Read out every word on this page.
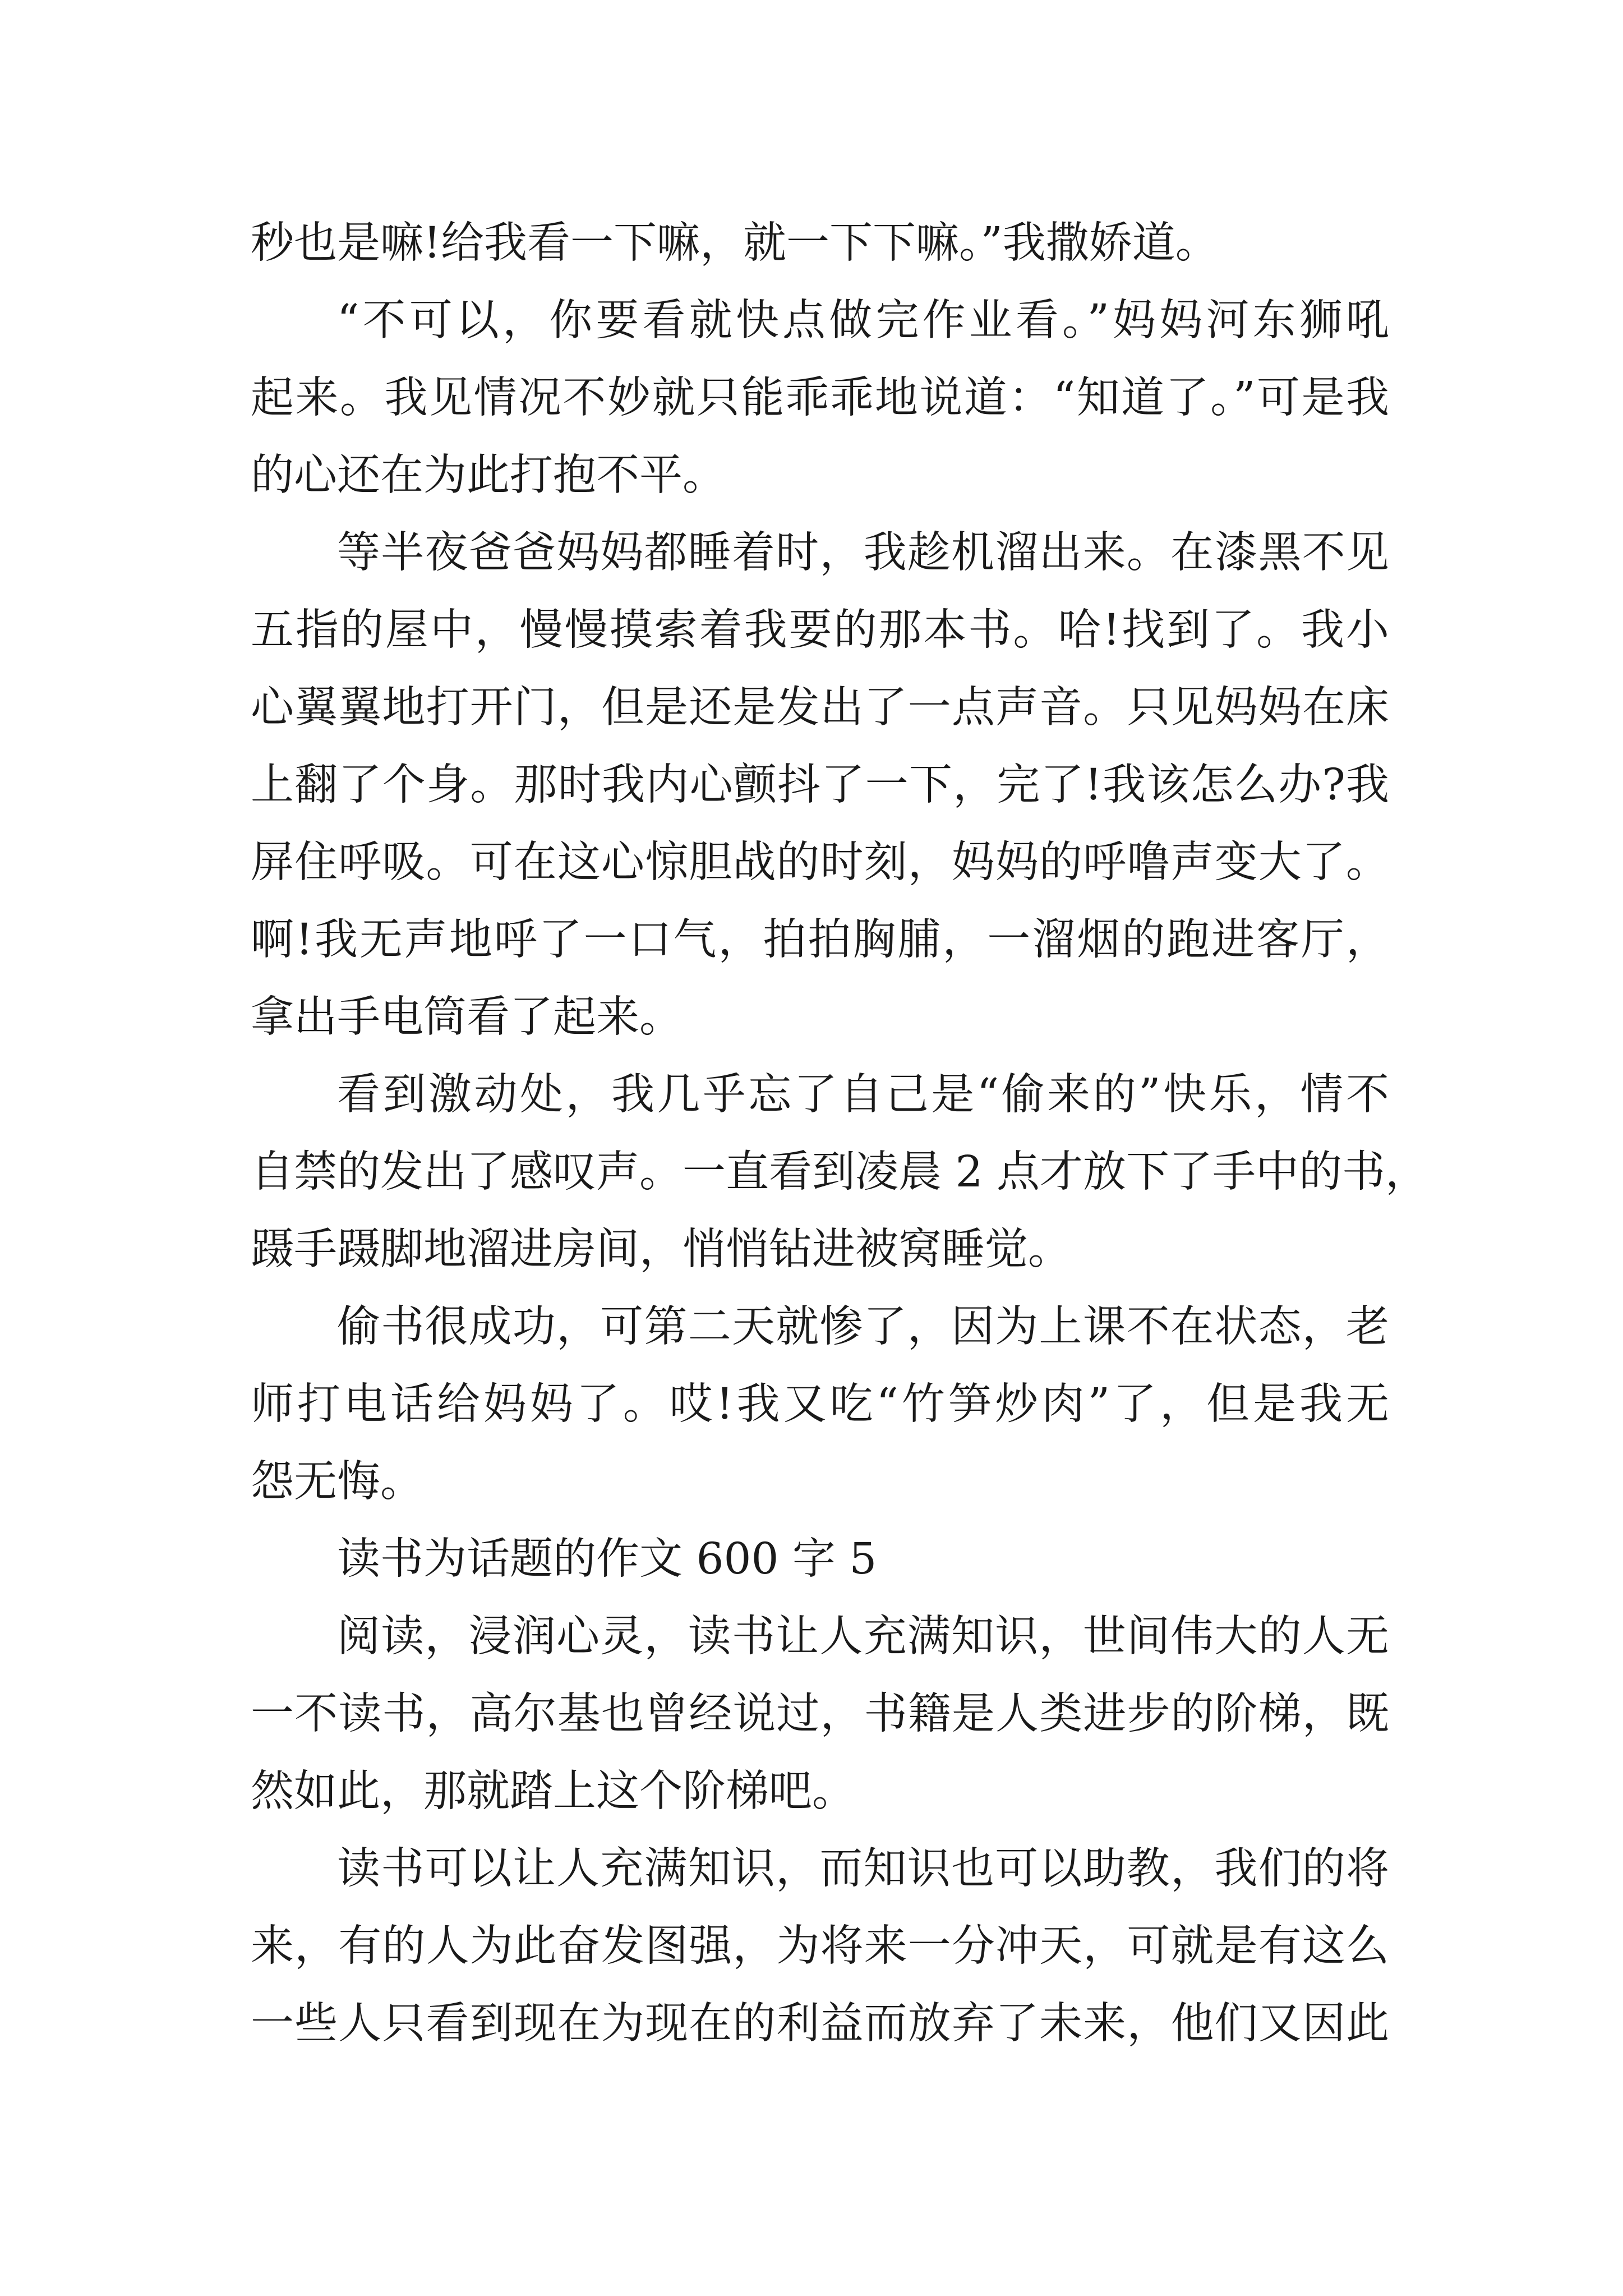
秒也是嘛!给我看一下嘛，就一下下嘛。”我撒娇道。
“不可以，你要看就快点做完作业看。”妈妈河东狮吼
起来。我见情况不妙就只能乖乖地说道：“知道了。”可是我
的心还在为此打抱不平。
等半夜爸爸妈妈都睡着时，我趁机溜出来。在漆黑不见
五指的屋中，慢慢摸索着我要的那本书。哈!找到了。我小
心翼翼地打开门，但是还是发出了一点声音。只见妈妈在床
上翻了个身。那时我内心颤抖了一下，完了!我该怎么办?我
屏住呼吸。可在这心惊胆战的时刻，妈妈的呼噜声变大了。
啊!我无声地呼了一口气，拍拍胸脯，一溜烟的跑进客厅，
拿出手电筒看了起来。
看到激动处，我几乎忘了自己是“偷来的”快乐，情不
自禁的发出了感叹声。一直看到凌晨 2 点才放下了手中的书，
蹑手蹑脚地溜进房间，悄悄钻进被窝睡觉。
偷书很成功，可第二天就惨了，因为上课不在状态，老
师打电话给妈妈了。哎!我又吃“竹笋炒肉”了，但是我无
怨无悔。
读书为话题的作文 600 字 5
阅读，浸润心灵，读书让人充满知识，世间伟大的人无
一不读书，高尔基也曾经说过，书籍是人类进步的阶梯，既
然如此，那就踏上这个阶梯吧。
读书可以让人充满知识，而知识也可以助教，我们的将
来，有的人为此奋发图强，为将来一分冲天，可就是有这么
一些人只看到现在为现在的利益而放弃了未来，他们又因此
